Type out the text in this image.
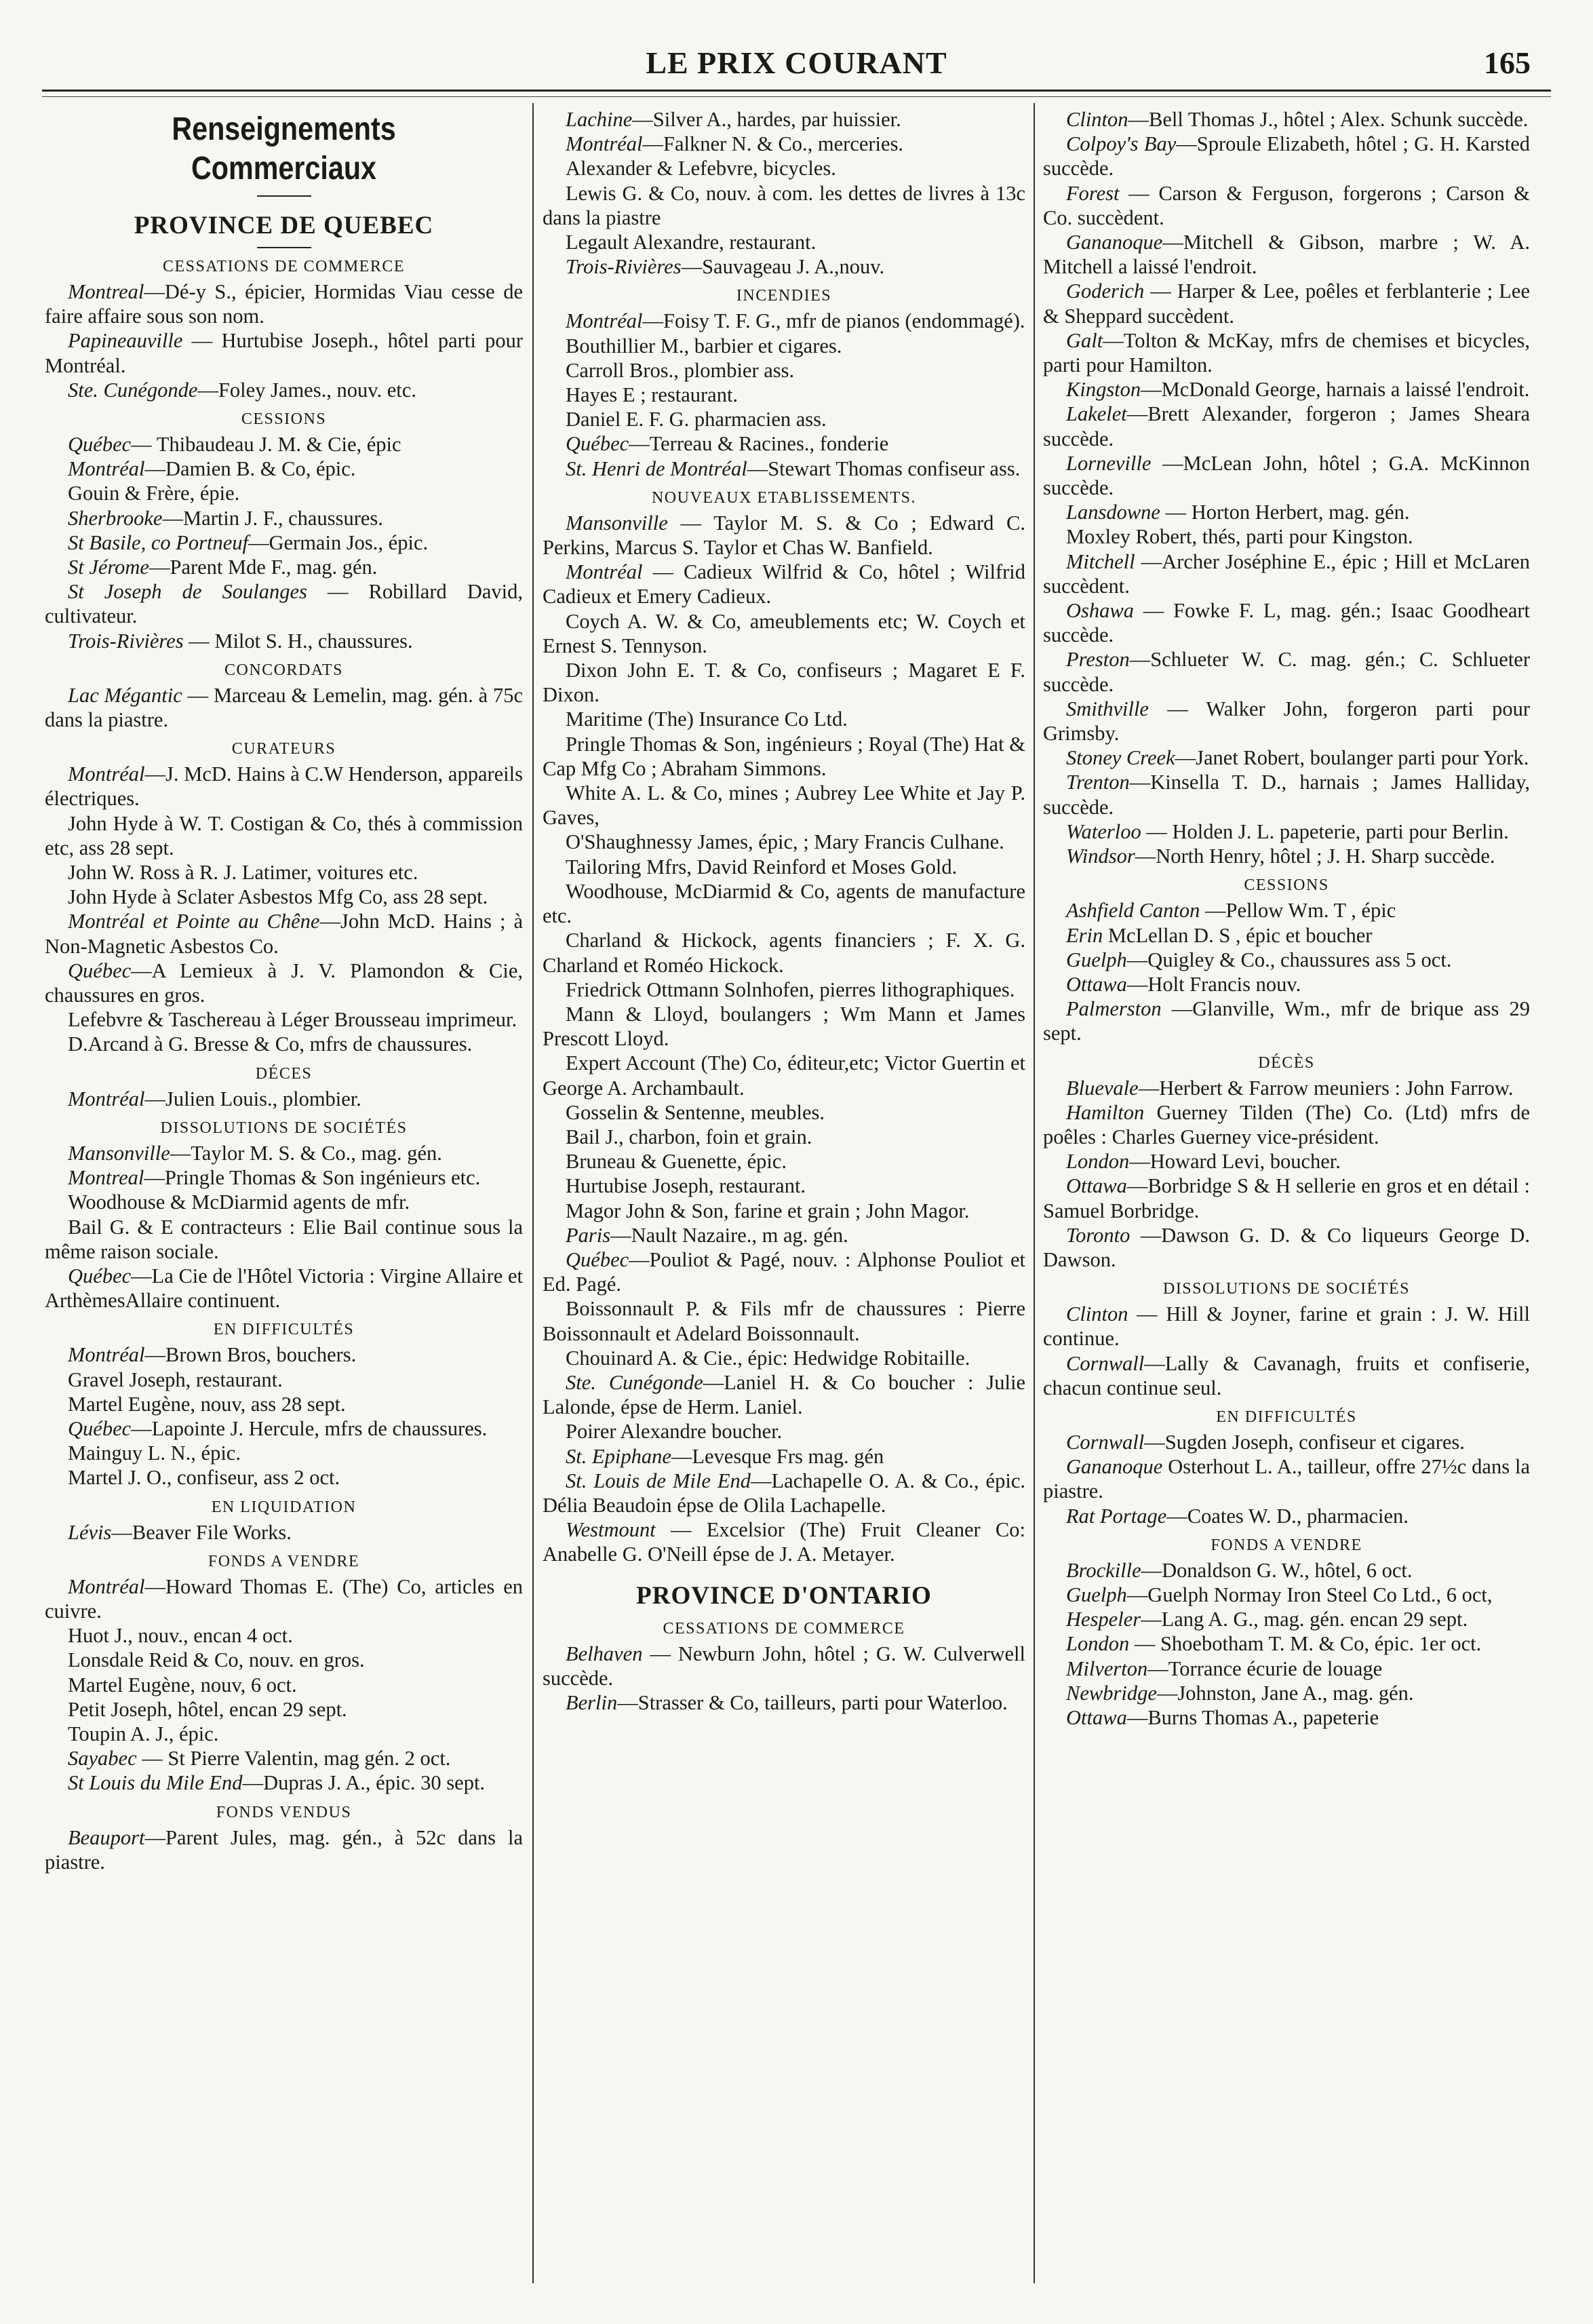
LE PRIX COURANT	165
Renseignements Commerciaux
PROVINCE DE QUEBEC
CESSATIONS DE COMMERCE

Montreal—Dé-y S., épicier, Hormidas Viau cesse de faire affaire sous son nom.

Papineauville — Hurtubise Joseph., hôtel parti pour Montréal.

Ste. Cunégonde—Foley James., nouv. etc.

CESSIONS

Québec— Thibaudeau J. M. & Cie, épic

Montréal—Damien B. & Co, épic.

Gouin & Frère, épie.

Sherbrooke—Martin J. F., chaussures.

St Basile, co Portneuf—Germain Jos., épic.

St Jérome—Parent Mde F., mag. gén.

St Joseph de Soulanges — Robillard David, cultivateur.

Trois-Rivières — Milot S. H., chaussures.

CONCORDATS

Lac Mégantic — Marceau & Lemelin, mag. gén. à 75c dans la piastre.

CURATEURS

Montréal—J. McD. Hains à C.W Henderson, appareils électriques.

John Hyde à W. T. Costigan & Co, thés à commission etc, ass 28 sept.

John W. Ross à R. J. Latimer, voitures etc.

John Hyde à Sclater Asbestos Mfg Co, ass 28 sept.

Montréal et Pointe au Chêne—John McD. Hains ; à Non-Magnetic Asbestos Co.

Québec—A Lemieux à J. V. Plamondon & Cie, chaussures en gros.

Lefebvre & Taschereau à Léger Brousseau imprimeur.

D.Arcand à G. Bresse & Co, mfrs de chaussures.

DÉCES

Montréal—Julien Louis., plombier.

DISSOLUTIONS DE SOCIÉTÉS

Mansonville—Taylor M. S. & Co., mag. gén.

Montreal—Pringle Thomas & Son ingénieurs etc.

Woodhouse & McDiarmid agents de mfr.

Bail G. & E contracteurs : Elie Bail continue sous la même raison sociale.

Québec—La Cie de l'Hôtel Victoria : Virgine Allaire et ArthèmesAllaire continuent.

EN DIFFICULTÉS

Montréal—Brown Bros, bouchers.

Gravel Joseph, restaurant.

Martel Eugène, nouv, ass 28 sept.

Québec—Lapointe J. Hercule, mfrs de chaussures.

Mainguy L. N., épic.

Martel J. O., confiseur, ass 2 oct.

EN LIQUIDATION

Lévis—Beaver File Works.

FONDS A VENDRE

Montréal—Howard Thomas E. (The) Co, articles en cuivre.

Huot J., nouv., encan 4 oct.

Lonsdale Reid & Co, nouv. en gros.

Martel Eugène, nouv, 6 oct.

Petit Joseph, hôtel, encan 29 sept.

Toupin A. J., épic.

Sayabec — St Pierre Valentin, mag gén. 2 oct.

St Louis du Mile End—Dupras J. A., épic. 30 sept.

FONDS VENDUS

Beauport—Parent Jules, mag. gén., à 52c dans la piastre.

Lachine—Silver A., hardes, par huissier.

Montréal—Falkner N. & Co., merceries.

Alexander & Lefebvre, bicycles.

Lewis G. & Co, nouv. à com. les dettes de livres à 13c dans la piastre

Legault Alexandre, restaurant.

Trois-Rivières—Sauvageau J. A.,nouv.

INCENDIES

Montréal—Foisy T. F. G., mfr de pianos (endommagé).

Bouthillier M., barbier et cigares.

Carroll Bros., plombier ass.

Hayes E ; restaurant.

Daniel E. F. G. pharmacien ass.

Québec—Terreau & Racines., fonderie

St. Henri de Montréal—Stewart Thomas confiseur ass.

NOUVEAUX ETABLISSEMENTS.

Mansonville — Taylor M. S. & Co ; Edward C. Perkins, Marcus S. Taylor et Chas W. Banfield.

Montréal — Cadieux Wilfrid & Co, hôtel ; Wilfrid Cadieux et Emery Cadieux.

Coych A. W. & Co, ameublements etc; W. Coych et Ernest S. Tennyson.

Dixon John E. T. & Co, confiseurs ; Magaret E F. Dixon.

Maritime (The) Insurance Co Ltd.

Pringle Thomas & Son, ingénieurs ; Royal (The) Hat & Cap Mfg Co ; Abraham Simmons.

White A. L. & Co, mines ; Aubrey Lee White et Jay P. Gaves,

O'Shaughnessy James, épic, ; Mary Francis Culhane.

Tailoring Mfrs, David Reinford et Moses Gold.

Woodhouse, McDiarmid & Co, agents de manufacture etc.

Charland & Hickock, agents financiers ; F. X. G. Charland et Roméo Hickock.

Friedrick Ottmann Solnhofen, pierres lithographiques.

Mann & Lloyd, boulangers ; Wm Mann et James Prescott Lloyd.

Expert Account (The) Co, éditeur,etc; Victor Guertin et George A. Archambault.

Gosselin & Sentenne, meubles.

Bail J., charbon, foin et grain.

Bruneau & Guenette, épic.

Hurtubise Joseph, restaurant.

Magor John & Son, farine et grain ; John Magor.

Paris—Nault Nazaire., m ag. gén.

Québec—Pouliot & Pagé, nouv. : Alphonse Pouliot et Ed. Pagé.

Boissonnault P. & Fils mfr de chaussures : Pierre Boissonnault et Adelard Boissonnault.

Chouinard A. & Cie., épic: Hedwidge Robitaille.

Ste. Cunégonde—Laniel H. & Co boucher : Julie Lalonde, épse de Herm. Laniel.

Poirer Alexandre boucher.

St. Epiphane—Levesque Frs mag. gén

St. Louis de Mile End—Lachapelle O. A. & Co., épic. Délia Beaudoin épse de Olila Lachapelle.

Westmount — Excelsior (The) Fruit Cleaner Co: Anabelle G. O'Neill épse de J. A. Metayer.

PROVINCE D'ONTARIO
CESSATIONS DE COMMERCE

Belhaven — Newburn John, hôtel ; G. W. Culverwell succède.

Berlin—Strasser & Co, tailleurs, parti pour Waterloo.

Clinton—Bell Thomas J., hôtel ; Alex. Schunk succède.

Colpoy's Bay—Sproule Elizabeth, hôtel ; G. H. Karsted succède.

Forest — Carson & Ferguson, forgerons ; Carson & Co. succèdent.

Gananoque—Mitchell & Gibson, marbre ; W. A. Mitchell a laissé l'endroit.

Goderich — Harper & Lee, poêles et ferblanterie ; Lee & Sheppard succèdent.

Galt—Tolton & McKay, mfrs de chemises et bicycles, parti pour Hamilton.

Kingston—McDonald George, harnais a laissé l'endroit.

Lakelet—Brett Alexander, forgeron ; James Sheara succède.

Lorneville —McLean John, hôtel ; G.A. McKinnon succède.

Lansdowne — Horton Herbert, mag. gén.

Moxley Robert, thés, parti pour Kingston.

Mitchell —Archer Joséphine E., épic ; Hill et McLaren succèdent.

Oshawa — Fowke F. L, mag. gén.; Isaac Goodheart succède.

Preston—Schlueter W. C. mag. gén.; C. Schlueter succède.

Smithville — Walker John, forgeron parti pour Grimsby.

Stoney Creek—Janet Robert, boulanger parti pour York.

Trenton—Kinsella T. D., harnais ; James Halliday, succède.

Waterloo — Holden J. L. papeterie, parti pour Berlin.

Windsor—North Henry, hôtel ; J. H. Sharp succède.

CESSIONS

Ashfield Canton —Pellow Wm. T , épic

Erin McLellan D. S , épic et boucher

Guelph—Quigley & Co., chaussures ass 5 oct.

Ottawa—Holt Francis nouv.

Palmerston —Glanville, Wm., mfr de brique ass 29 sept.

DÉCÈS

Bluevale—Herbert & Farrow meuniers : John Farrow.

Hamilton Guerney Tilden (The) Co. (Ltd) mfrs de poêles : Charles Guerney vice-président.

London—Howard Levi, boucher.

Ottawa—Borbridge S & H sellerie en gros et en détail : Samuel Borbridge.

Toronto —Dawson G. D. & Co liqueurs George D. Dawson.

DISSOLUTIONS DE SOCIÉTÉS

Clinton — Hill & Joyner, farine et grain : J. W. Hill continue.

Cornwall—Lally & Cavanagh, fruits et confiserie, chacun continue seul.

EN DIFFICULTÉS

Cornwall—Sugden Joseph, confiseur et cigares.

Gananoque Osterhout L. A., tailleur, offre 27½c dans la piastre.

Rat Portage—Coates W. D., pharmacien.

FONDS A VENDRE

Brockille—Donaldson G. W., hôtel, 6 oct.

Guelph—Guelph Normay Iron Steel Co Ltd., 6 oct,

Hespeler—Lang A. G., mag. gén. encan 29 sept.

London — Shoebotham T. M. & Co, épic. 1er oct.

Milverton—Torrance écurie de louage

Newbridge—Johnston, Jane A., mag. gén.

Ottawa—Burns Thomas A., papeterie
